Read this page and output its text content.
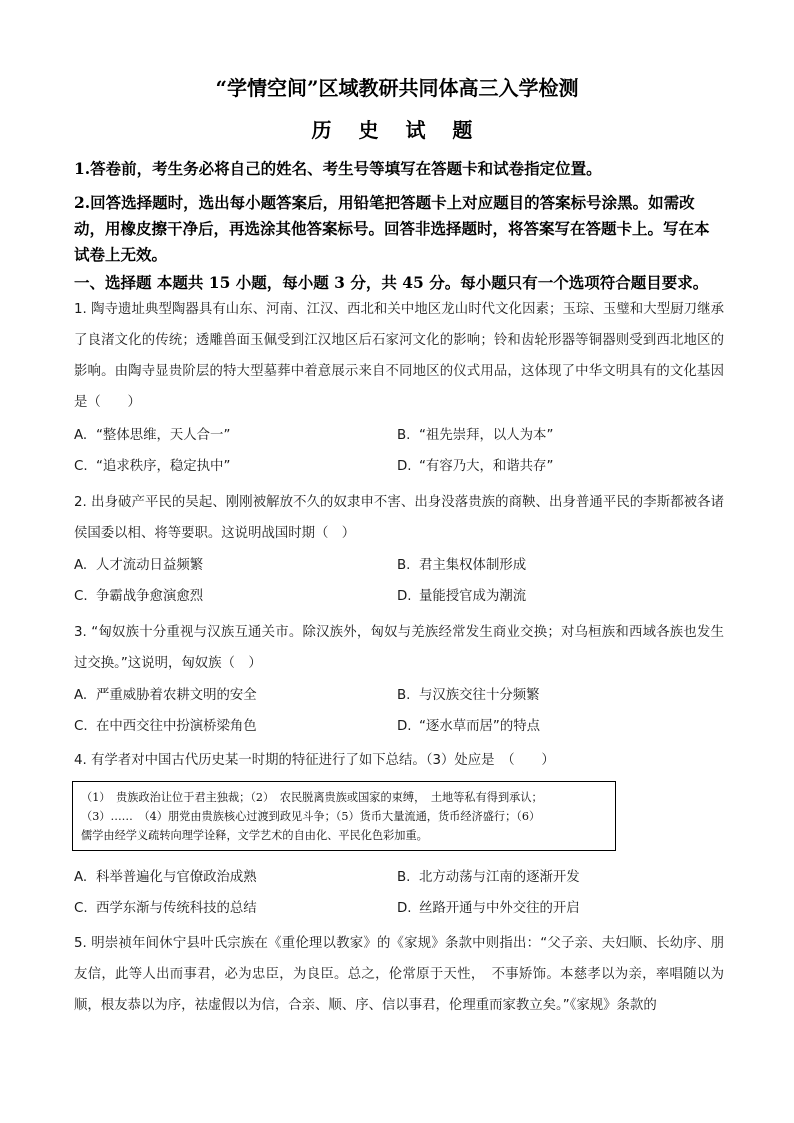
“学情空间”区域教研共同体高三入学检测
历 史 试 题
1.答卷前，考生务必将自己的姓名、考生号等填写在答题卡和试卷指定位置。
2.回答选择题时，选出每小题答案后，用铅笔把答题卡上对应题目的答案标号涂黑。如需改动，用橡皮擦干净后，再选涂其他答案标号。回答非选择题时，将答案写在答题卡上。写在本试卷上无效。
一、选择题 本题共 15 小题，每小题 3 分，共 45 分。每小题只有一个选项符合题目要求。
1. 陶寺遗址典型陶器具有山东、河南、江汉、西北和关中地区龙山时代文化因素；玉琮、玉璧和大型厨刀继承了良渚文化的传统；透雕兽面玉佩受到江汉地区后石家河文化的影响；铃和齿轮形器等铜器则受到西北地区的影响。由陶寺显贵阶层的特大型墓葬中着意展示来自不同地区的仪式用品，这体现了中华文明具有的文化基因是（　　）
A. “整体思维，天人合一”	B. “祖先崇拜，以人为本”
C. “追求秩序，稳定执中”	D. “有容乃大，和谐共存”
2. 出身破产平民的吴起、刚刚被解放不久的奴隶申不害、出身没落贵族的商鞅、出身普通平民的李斯都被各诸侯国委以相、将等要职。这说明战国时期（　）
A. 人才流动日益频繁	B. 君主集权体制形成
C. 争霸战争愈演愈烈	D. 量能授官成为潮流
3. “匈奴族十分重视与汉族互通关市。除汉族外，匈奴与羌族经常发生商业交换；对乌桓族和西域各族也发生过交换。”这说明，匈奴族（　）
A. 严重威胁着农耕文明的安全	B. 与汉族交往十分频繁
C. 在中西交往中扮演桥梁角色	D. “逐水草而居”的特点
4. 有学者对中国古代历史某一时期的特征进行了如下总结。（3）处应是　（　　）

（1）　贵族政治让位于君主独裁；（2）　农民脱离贵族或国家的束缚，　土地等私有得到承认；

（3）……　（4）朋党由贵族核心过渡到政见斗争；（5）货币大量流通，货币经济盛行；（6）

儒学由经学义疏转向理学诠释，文学艺术的自由化、平民化色彩加重。

A. 科举普遍化与官僚政治成熟	B. 北方动荡与江南的逐渐开发
C. 西学东渐与传统科技的总结	D. 丝路开通与中外交往的开启
5. 明崇祯年间休宁县叶氏宗族在《重伦理以教家》的《家规》条款中则指出：“父子亲、夫妇顺、长幼序、朋友信，此等人出而事君，必为忠臣，为良臣。总之，伦常原于天性，　不事矫饰。本慈孝以为亲，率唱随以为顺，根友恭以为序，祛虚假以为信，合亲、顺、序、信以事君，伦理重而家教立矣。”《家规》条款的
